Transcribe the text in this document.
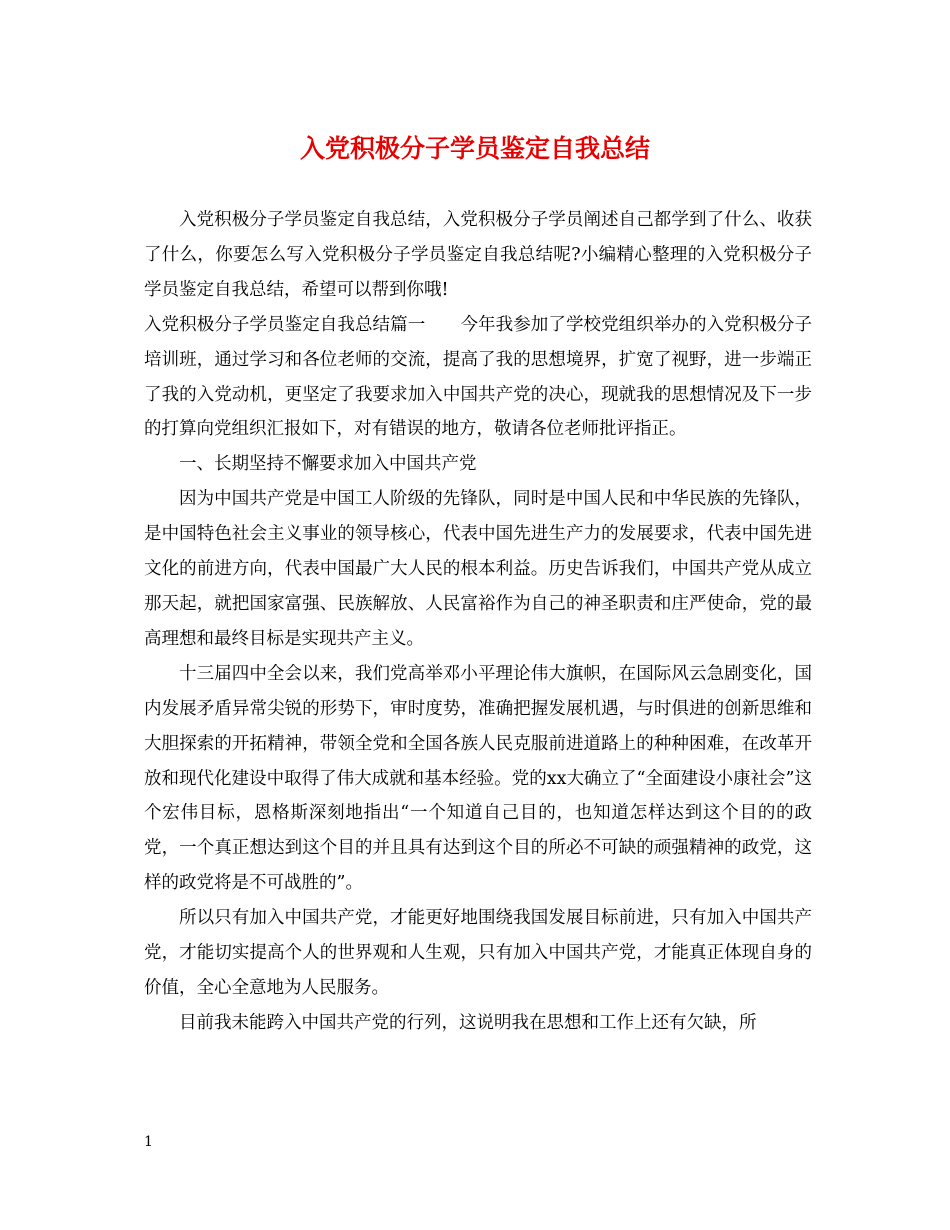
入党积极分子学员鉴定自我总结

入党积极分子学员鉴定自我总结，入党积极分子学员阐述自己都学到了什么、收获了什么，你要怎么写入党积极分子学员鉴定自我总结呢?小编精心整理的入党积极分子学员鉴定自我总结，希望可以帮到你哦!

入党积极分子学员鉴定自我总结篇一　　今年我参加了学校党组织举办的入党积极分子培训班，通过学习和各位老师的交流，提高了我的思想境界，扩宽了视野，进一步端正了我的入党动机，更坚定了我要求加入中国共产党的决心，现就我的思想情况及下一步的打算向党组织汇报如下，对有错误的地方，敬请各位老师批评指正。

一、长期坚持不懈要求加入中国共产党

因为中国共产党是中国工人阶级的先锋队，同时是中国人民和中华民族的先锋队，是中国特色社会主义事业的领导核心，代表中国先进生产力的发展要求，代表中国先进文化的前进方向，代表中国最广大人民的根本利益。历史告诉我们，中国共产党从成立那天起，就把国家富强、民族解放、人民富裕作为自己的神圣职责和庄严使命，党的最高理想和最终目标是实现共产主义。

十三届四中全会以来，我们党高举邓小平理论伟大旗帜，在国际风云急剧变化，国内发展矛盾异常尖锐的形势下，审时度势，准确把握发展机遇，与时俱进的创新思维和大胆探索的开拓精神，带领全党和全国各族人民克服前进道路上的种种困难，在改革开放和现代化建设中取得了伟大成就和基本经验。党的xx大确立了“全面建设小康社会”这个宏伟目标，恩格斯深刻地指出“一个知道自己目的，也知道怎样达到这个目的的政党，一个真正想达到这个目的并且具有达到这个目的所必不可缺的顽强精神的政党，这样的政党将是不可战胜的”。

所以只有加入中国共产党，才能更好地围绕我国发展目标前进，只有加入中国共产党，才能切实提高个人的世界观和人生观，只有加入中国共产党，才能真正体现自身的价值，全心全意地为人民服务。

目前我未能跨入中国共产党的行列，这说明我在思想和工作上还有欠缺，所

1
